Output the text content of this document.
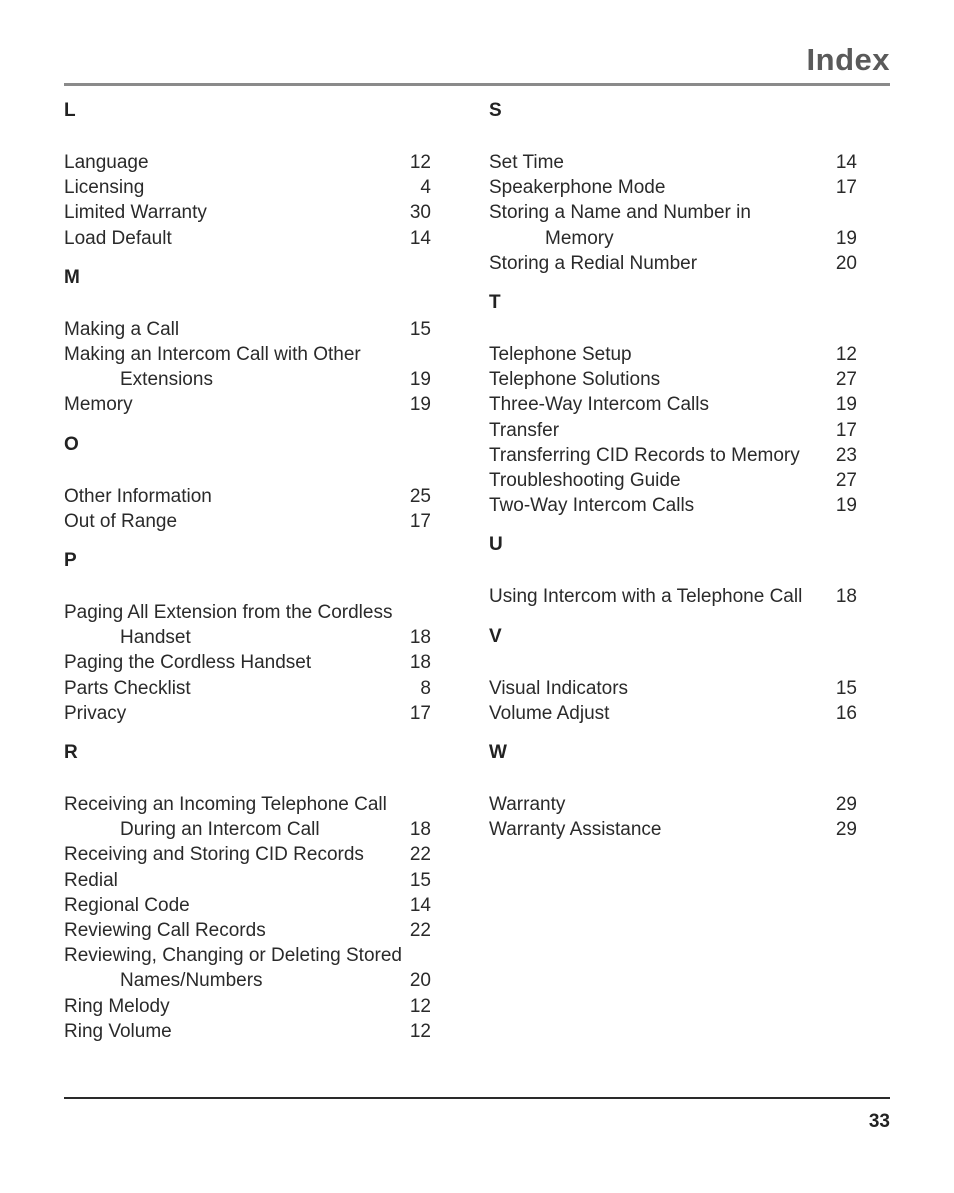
Index
L
Language	12
Licensing	4
Limited Warranty	30
Load Default	14
M
Making a Call	15
Making an Intercom Call with Other
Extensions	19
Memory	19
O
Other Information	25
Out of Range	17
P
Paging All Extension from the Cordless
Handset	18
Paging the Cordless Handset	18
Parts Checklist	8
Privacy	17
R
Receiving an Incoming Telephone Call
During an Intercom Call	18
Receiving and Storing CID Records	22
Redial	15
Regional Code	14
Reviewing Call Records	22
Reviewing, Changing or Deleting Stored
Names/Numbers	20
Ring Melody	12
Ring Volume	12
S
Set Time	14
Speakerphone Mode	17
Storing a Name and Number in
Memory	19
Storing a Redial Number	20
T
Telephone Setup	12
Telephone Solutions	27
Three-Way Intercom Calls	19
Transfer	17
Transferring CID Records to Memory	23
Troubleshooting Guide	27
Two-Way Intercom Calls	19
U
Using Intercom with a Telephone Call	18
V
Visual Indicators	15
Volume Adjust	16
W
Warranty	29
Warranty Assistance	29
33
